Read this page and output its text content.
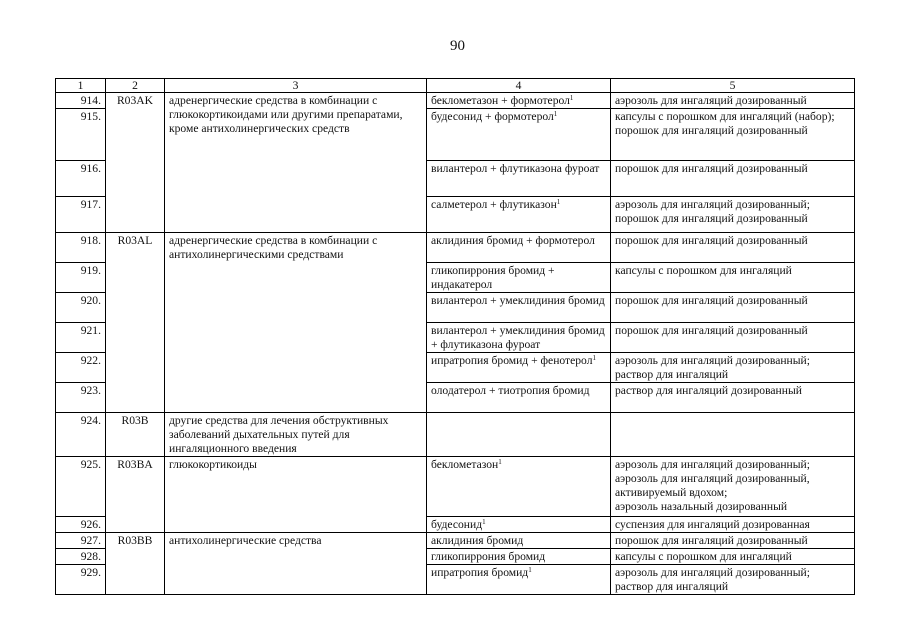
90
1	2	3	4	5
914.	R03AK	адренергические средства в комбинации с глюкокортикоидами или другими препаратами, кроме антихолинергических средств	беклометазон + формотерол$^1$	аэрозоль для ингаляций дозированный

915.			будесонид + формотерол$^1$	капсулы с порошком для ингаляций (набор);
порошок для ингаляций дозированный

916.			вилантерол + флутиказона фуроат	порошок для ингаляций дозированный

917.			салметерол + флутиказон$^1$	аэрозоль для ингаляций дозированный;
порошок для ингаляций дозированный

918.	R03AL	адренергические средства в комбинации с антихолинергическими средствами	аклидиния бромид + формотерол	порошок для ингаляций дозированный

919.			гликопиррония бромид + индакатерол	капсулы с порошком для ингаляций

920.			вилантерол + умеклидиния бромид	порошок для ингаляций дозированный

921.			вилантерол + умеклидиния бромид + флутиказона фуроат	порошок для ингаляций дозированный

922.			ипратропия бромид + фенотерол$^1$	аэрозоль для ингаляций дозированный;
раствор для ингаляций

923.			олодатерол + тиотропия бромид	раствор для ингаляций дозированный

924.	R03B	другие средства для лечения обструктивных заболеваний дыхательных путей для ингаляционного введения		
925.	R03BA	глюкокортикоиды	беклометазон$^1$	аэрозоль для ингаляций дозированный;
аэрозоль для ингаляций дозированный, активируемый вдохом;
аэрозоль назальный дозированный

926.			будесонид$^1$	суспензия для ингаляций дозированная

927.	R03BB	антихолинергические средства	аклидиния бромид	порошок для ингаляций дозированный

928.			гликопиррония бромид	капсулы с порошком для ингаляций

929.			ипратропия бромид$^1$	аэрозоль для ингаляций дозированный;
раствор для ингаляций
